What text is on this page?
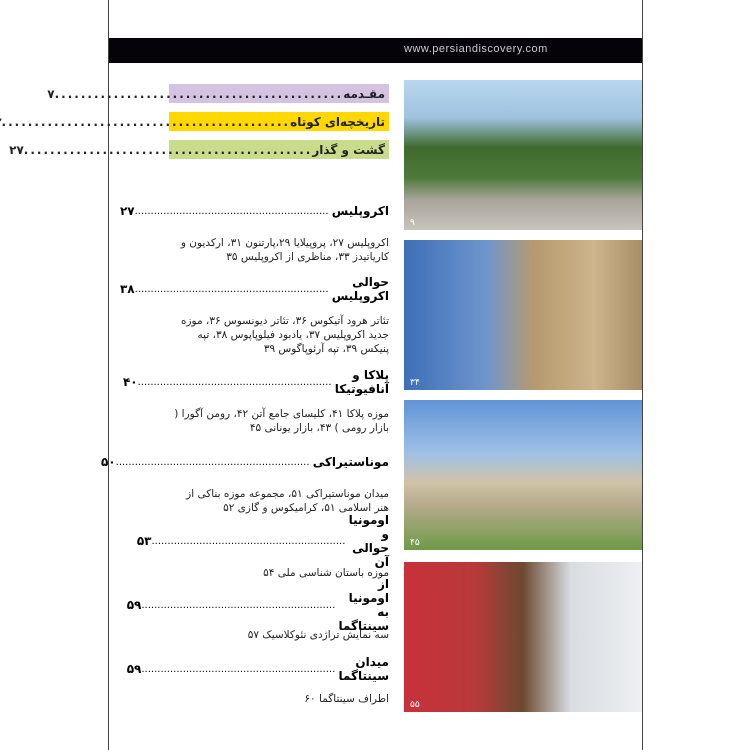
www.persiandiscovery.com
مقـدمه
............................................
۷
تاریخچه‌ای کوتاه
............................................
گشت و گذار
............................................
۲۷
اکروپلیس
.............................................................
۲۷
اکروپلیس ۲۷، پروپیلایا ۲۹،پارتنون ۳۱، ارکدیون و کاریاتیدز ۳۳، مناظری از اکروپلیس ۳۵
حوالی اکروپلیس
.............................................................
۳۸
تئاتر هرود آتیکوس ۳۶، تئاتر دیونسوس ۳۶، موزه جدید اکروپلیس ۳۷، یادبود فیلوپاپوس ۳۸، تپه پنیکس ۳۹، تپه آرئوپاگوس ۳۹
پلاکا و آنافیوتیکا
.............................................................
۴۰
موزه پلاکا ۴۱، کلیسای جامع آتن ۴۲، رومن آگورا ( بازار رومی ) ۴۳، بازار یونانی ۴۵
موناستیراکی
.............................................................
۵۰
میدان موناستیراکی ۵۱، مجموعه موزه بناکی از هنر اسلامی ۵۱، کرامیکوس و گازی ۵۲
اومونیا و حوالی آن
.............................................................
۵۳
موزه باستان شناسی ملی ۵۴
از اومونیا به سینتاگما
.............................................................
۵۹
سه نمایش تراژدی نئوکلاسیک ۵۷
میدان سینتاگما
.............................................................
۵۹
اطراف سینتاگما ۶۰
۹
۳۴
۴۵
۵۵
